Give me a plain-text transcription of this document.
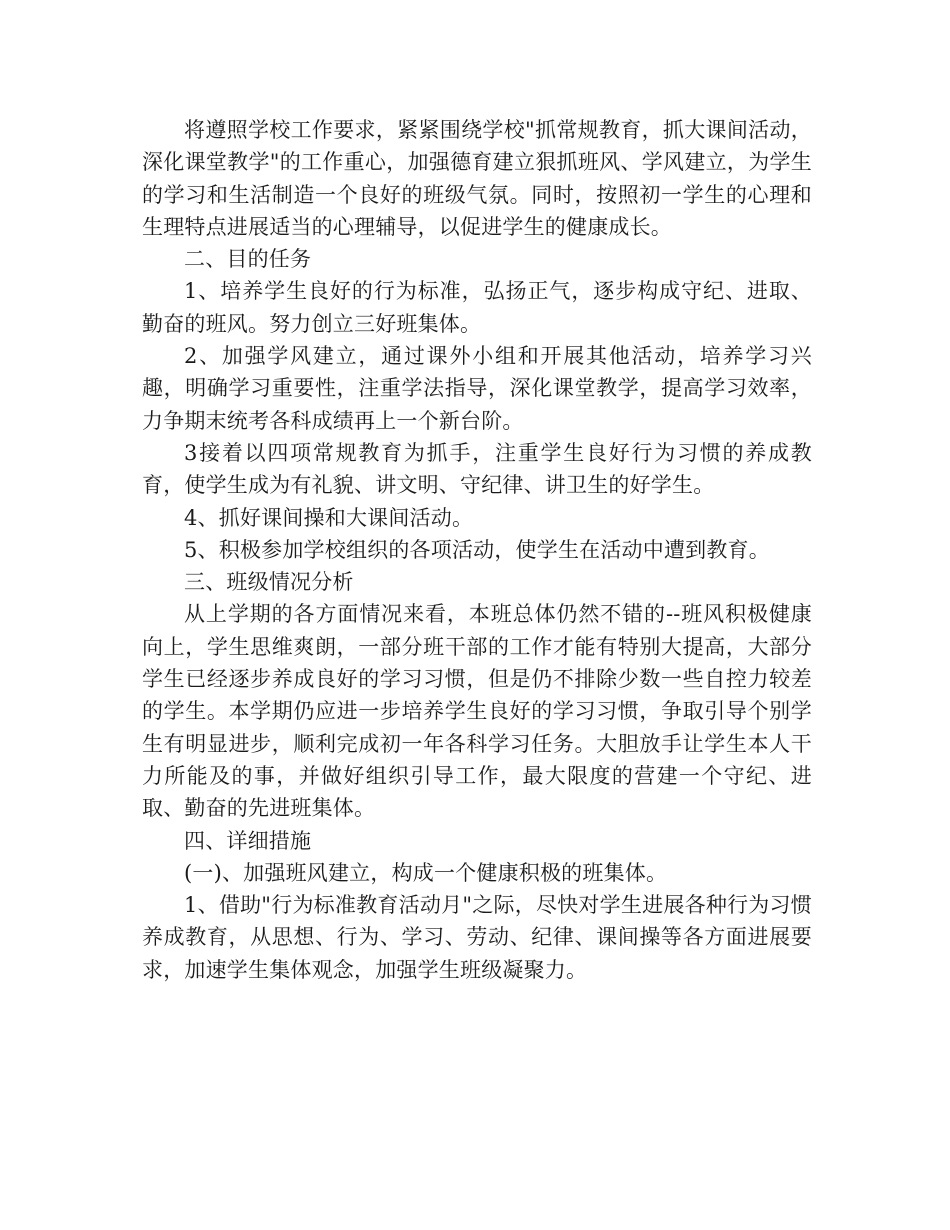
将遵照学校工作要求，紧紧围绕学校"抓常规教育，抓大课间活动，深化课堂教学"的工作重心，加强德育建立狠抓班风、学风建立，为学生的学习和生活制造一个良好的班级气氛。同时，按照初一学生的心理和生理特点进展适当的心理辅导，以促进学生的健康成长。

二、目的任务

1、培养学生良好的行为标准，弘扬正气，逐步构成守纪、进取、勤奋的班风。努力创立三好班集体。

2、加强学风建立，通过课外小组和开展其他活动，培养学习兴趣，明确学习重要性，注重学法指导，深化课堂教学，提高学习效率，力争期末统考各科成绩再上一个新台阶。

3接着以四项常规教育为抓手，注重学生良好行为习惯的养成教育，使学生成为有礼貌、讲文明、守纪律、讲卫生的好学生。

4、抓好课间操和大课间活动。

5、积极参加学校组织的各项活动，使学生在活动中遭到教育。

三、班级情况分析

从上学期的各方面情况来看，本班总体仍然不错的--班风积极健康向上，学生思维爽朗，一部分班干部的工作才能有特别大提高，大部分学生已经逐步养成良好的学习习惯，但是仍不排除少数一些自控力较差的学生。本学期仍应进一步培养学生良好的学习习惯，争取引导个别学生有明显进步，顺利完成初一年各科学习任务。大胆放手让学生本人干力所能及的事，并做好组织引导工作，最大限度的营建一个守纪、进取、勤奋的先进班集体。

四、详细措施

(一)、加强班风建立，构成一个健康积极的班集体。

1、借助"行为标准教育活动月"之际，尽快对学生进展各种行为习惯养成教育，从思想、行为、学习、劳动、纪律、课间操等各方面进展要求，加速学生集体观念，加强学生班级凝聚力。
